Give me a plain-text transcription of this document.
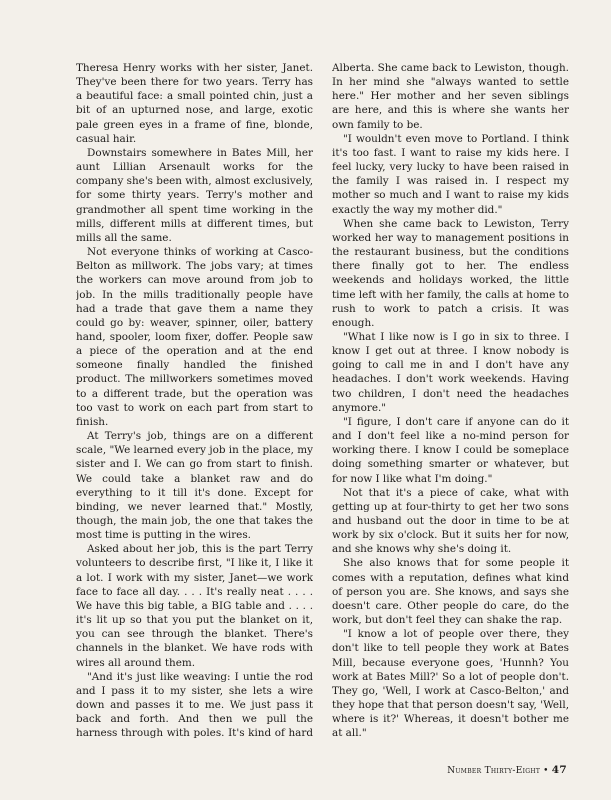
Theresa Henry works with her sister, Janet. They've been there for two years. Terry has a beautiful face: a small pointed chin, just a bit of an upturned nose, and large, exotic pale green eyes in a frame of fine, blonde, casual hair.

Downstairs somewhere in Bates Mill, her aunt Lillian Arsenault works for the company she's been with, almost exclusively, for some thirty years. Terry's mother and grandmother all spent time working in the mills, different mills at different times, but mills all the same.

Not everyone thinks of working at Casco-Belton as millwork. The jobs vary; at times the workers can move around from job to job. In the mills traditionally people have had a trade that gave them a name they could go by: weaver, spinner, oiler, battery hand, spooler, loom fixer, doffer. People saw a piece of the operation and at the end someone finally handled the finished product. The millworkers sometimes moved to a different trade, but the operation was too vast to work on each part from start to finish.

At Terry's job, things are on a different scale, "We learned every job in the place, my sister and I. We can go from start to finish. We could take a blanket raw and do everything to it till it's done. Except for binding, we never learned that." Mostly, though, the main job, the one that takes the most time is putting in the wires.

Asked about her job, this is the part Terry volunteers to describe first, "I like it, I like it a lot. I work with my sister, Janet—we work face to face all day. . . . It's really neat . . . . We have this big table, a BIG table and . . . . it's lit up so that you put the blanket on it, you can see through the blanket. There's channels in the blanket. We have rods with wires all around them.

"And it's just like weaving: I untie the rod and I pass it to my sister, she lets a wire down and passes it to me. We just pass it back and forth. And then we pull the harness through with poles. It's kind of hard

Alberta. She came back to Lewiston, though. In her mind she "always wanted to settle here." Her mother and her seven siblings are here, and this is where she wants her own family to be.

"I wouldn't even move to Portland. I think it's too fast. I want to raise my kids here. I feel lucky, very lucky to have been raised in the family I was raised in. I respect my mother so much and I want to raise my kids exactly the way my mother did."

When she came back to Lewiston, Terry worked her way to management positions in the restaurant business, but the conditions there finally got to her. The endless weekends and holidays worked, the little time left with her family, the calls at home to rush to work to patch a crisis. It was enough.

"What I like now is I go in six to three. I know I get out at three. I know nobody is going to call me in and I don't have any headaches. I don't work weekends. Having two children, I don't need the headaches anymore."

"I figure, I don't care if anyone can do it and I don't feel like a no-mind person for working there. I know I could be someplace doing something smarter or whatever, but for now I like what I'm doing."

Not that it's a piece of cake, what with getting up at four-thirty to get her two sons and husband out the door in time to be at work by six o'clock. But it suits her for now, and she knows why she's doing it.

She also knows that for some people it comes with a reputation, defines what kind of person you are. She knows, and says she doesn't care. Other people do care, do the work, but don't feel they can shake the rap.

"I know a lot of people over there, they don't like to tell people they work at Bates Mill, because everyone goes, 'Hunnh? You work at Bates Mill?' So a lot of people don't. They go, 'Well, I work at Casco-Belton,' and they hope that that person doesn't say, 'Well, where is it?' Whereas, it doesn't bother me at all."

Number Thirty-Eight • 47
